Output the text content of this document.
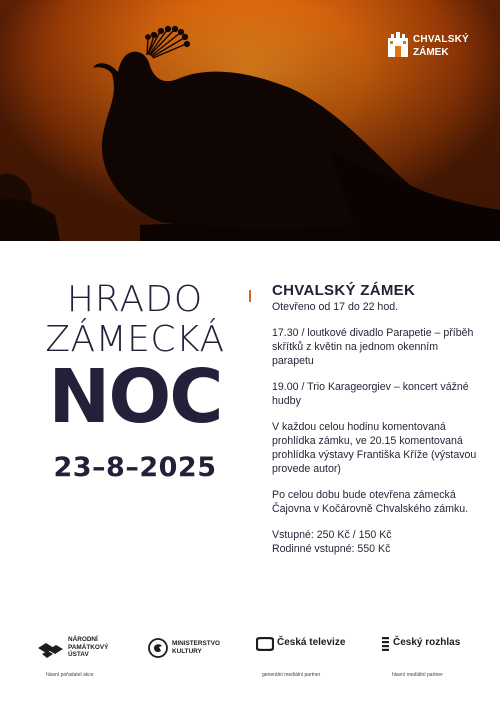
CHVALSKÝ
ZÁMEK
HRADO
ZÁMECKÁ
NOC
23–8–2025
CHVALSKÝ ZÁMEK
Otevřeno od 17 do 22 hod.

17.30 / loutkové divadlo Parapetie – příběh skřítků z květin na jednom okenním parapetu

19.00 / Trio Karageorgiev – koncert vážné hudby

V každou celou hodinu komentovaná prohlídka zámku, ve 20.15 komentovaná prohlídka výstavy Františka Kříže (výstavou provede autor)

Po celou dobu bude otevřena zámecká Čajovna v Kočárovně Chvalského zámku.

Vstupné: 250 Kč / 150 Kč
Rodinné vstupné: 550 Kč
NÁRODNÍ
PAMÁTKOVÝ
ÚSTAV
MINISTERSTVO
KULTURY
Česká televize	Český rozhlas
hlavní pořadatel akce	generální mediální partner	hlavní mediální partner
